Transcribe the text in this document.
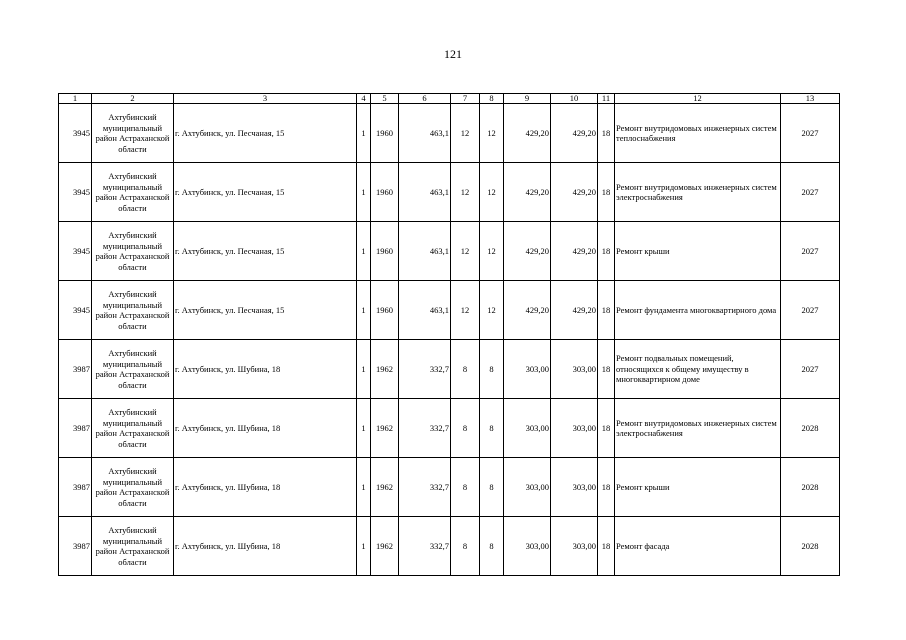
121
1	2	3	4	5	6	7	8	9	10	11	12	13
3945	Ахтубинский муниципальный район Астраханской области	г. Ахтубинск, ул. Песчаная, 15	1	1960	463,1	12	12	429,20	429,20	18	Ремонт внутридомовых инженерных систем теплоснабжения	2027
3945	Ахтубинский муниципальный район Астраханской области	г. Ахтубинск, ул. Песчаная, 15	1	1960	463,1	12	12	429,20	429,20	18	Ремонт внутридомовых инженерных систем электроснабжения	2027
3945	Ахтубинский муниципальный район Астраханской области	г. Ахтубинск, ул. Песчаная, 15	1	1960	463,1	12	12	429,20	429,20	18	Ремонт крыши	2027
3945	Ахтубинский муниципальный район Астраханской области	г. Ахтубинск, ул. Песчаная, 15	1	1960	463,1	12	12	429,20	429,20	18	Ремонт фундамента многоквартирного дома	2027
3987	Ахтубинский муниципальный район Астраханской области	г. Ахтубинск, ул. Шубина, 18	1	1962	332,7	8	8	303,00	303,00	18	Ремонт подвальных помещений, относящихся к общему имуществу в многоквартирном доме	2027
3987	Ахтубинский муниципальный район Астраханской области	г. Ахтубинск, ул. Шубина, 18	1	1962	332,7	8	8	303,00	303,00	18	Ремонт внутридомовых инженерных систем электроснабжения	2028
3987	Ахтубинский муниципальный район Астраханской области	г. Ахтубинск, ул. Шубина, 18	1	1962	332,7	8	8	303,00	303,00	18	Ремонт крыши	2028
3987	Ахтубинский муниципальный район Астраханской области	г. Ахтубинск, ул. Шубина, 18	1	1962	332,7	8	8	303,00	303,00	18	Ремонт фасада	2028
